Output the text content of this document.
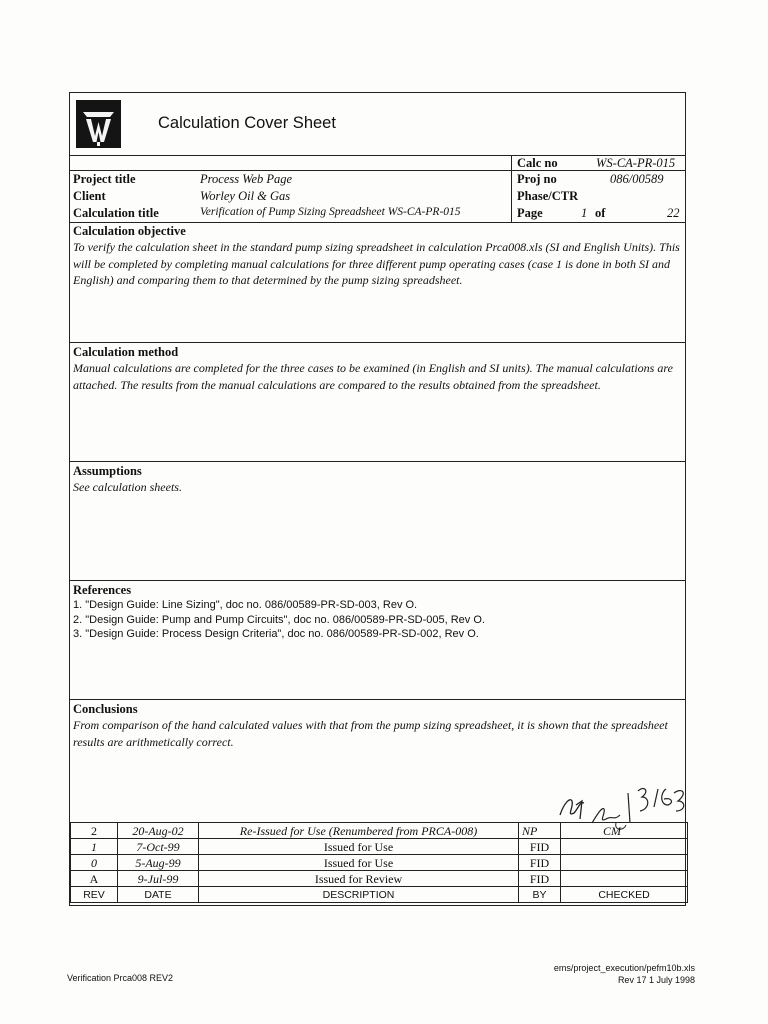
Calculation Cover Sheet
Calc no	WS-CA-PR-015
Project title	Process Web Page	Proj no	086/00589
Client	Worley Oil & Gas	Phase/CTR
Calculation title	Verification of Pump Sizing Spreadsheet WS-CA-PR-015	Page	1 of	22
Calculation objective
To verify the calculation sheet in the standard pump sizing spreadsheet in calculation Prca008.xls (SI and English Units). This will be completed by completing manual calculations for three different pump operating cases (case 1 is done in both SI and English) and comparing them to that determined by the pump sizing spreadsheet.
Calculation method
Manual calculations are completed for the three cases to be examined (in English and SI units). The manual calculations are attached. The results from the manual calculations are compared to the results obtained from the spreadsheet.
Assumptions
See calculation sheets.
References
1. "Design Guide: Line Sizing", doc no. 086/00589-PR-SD-003, Rev O.
2. "Design Guide: Pump and Pump Circuits", doc no. 086/00589-PR-SD-005, Rev O.
3. "Design Guide: Process Design Criteria", doc no. 086/00589-PR-SD-002, Rev O.
Conclusions
From comparison of the hand calculated values with that from the pump sizing spreadsheet, it is shown that the spreadsheet results are arithmetically correct.
2	20-Aug-02	Re-Issued for Use (Renumbered from PRCA-008)	NP	CM
1	7-Oct-99	Issued for Use	FID	
0	5-Aug-99	Issued for Use	FID	
A	9-Jul-99	Issued for Review	FID	
REV	DATE	DESCRIPTION	BY	CHECKED
Verification Prca008 REV2
ems/project_execution/pefm10b.xls
Rev 17 1 July 1998
